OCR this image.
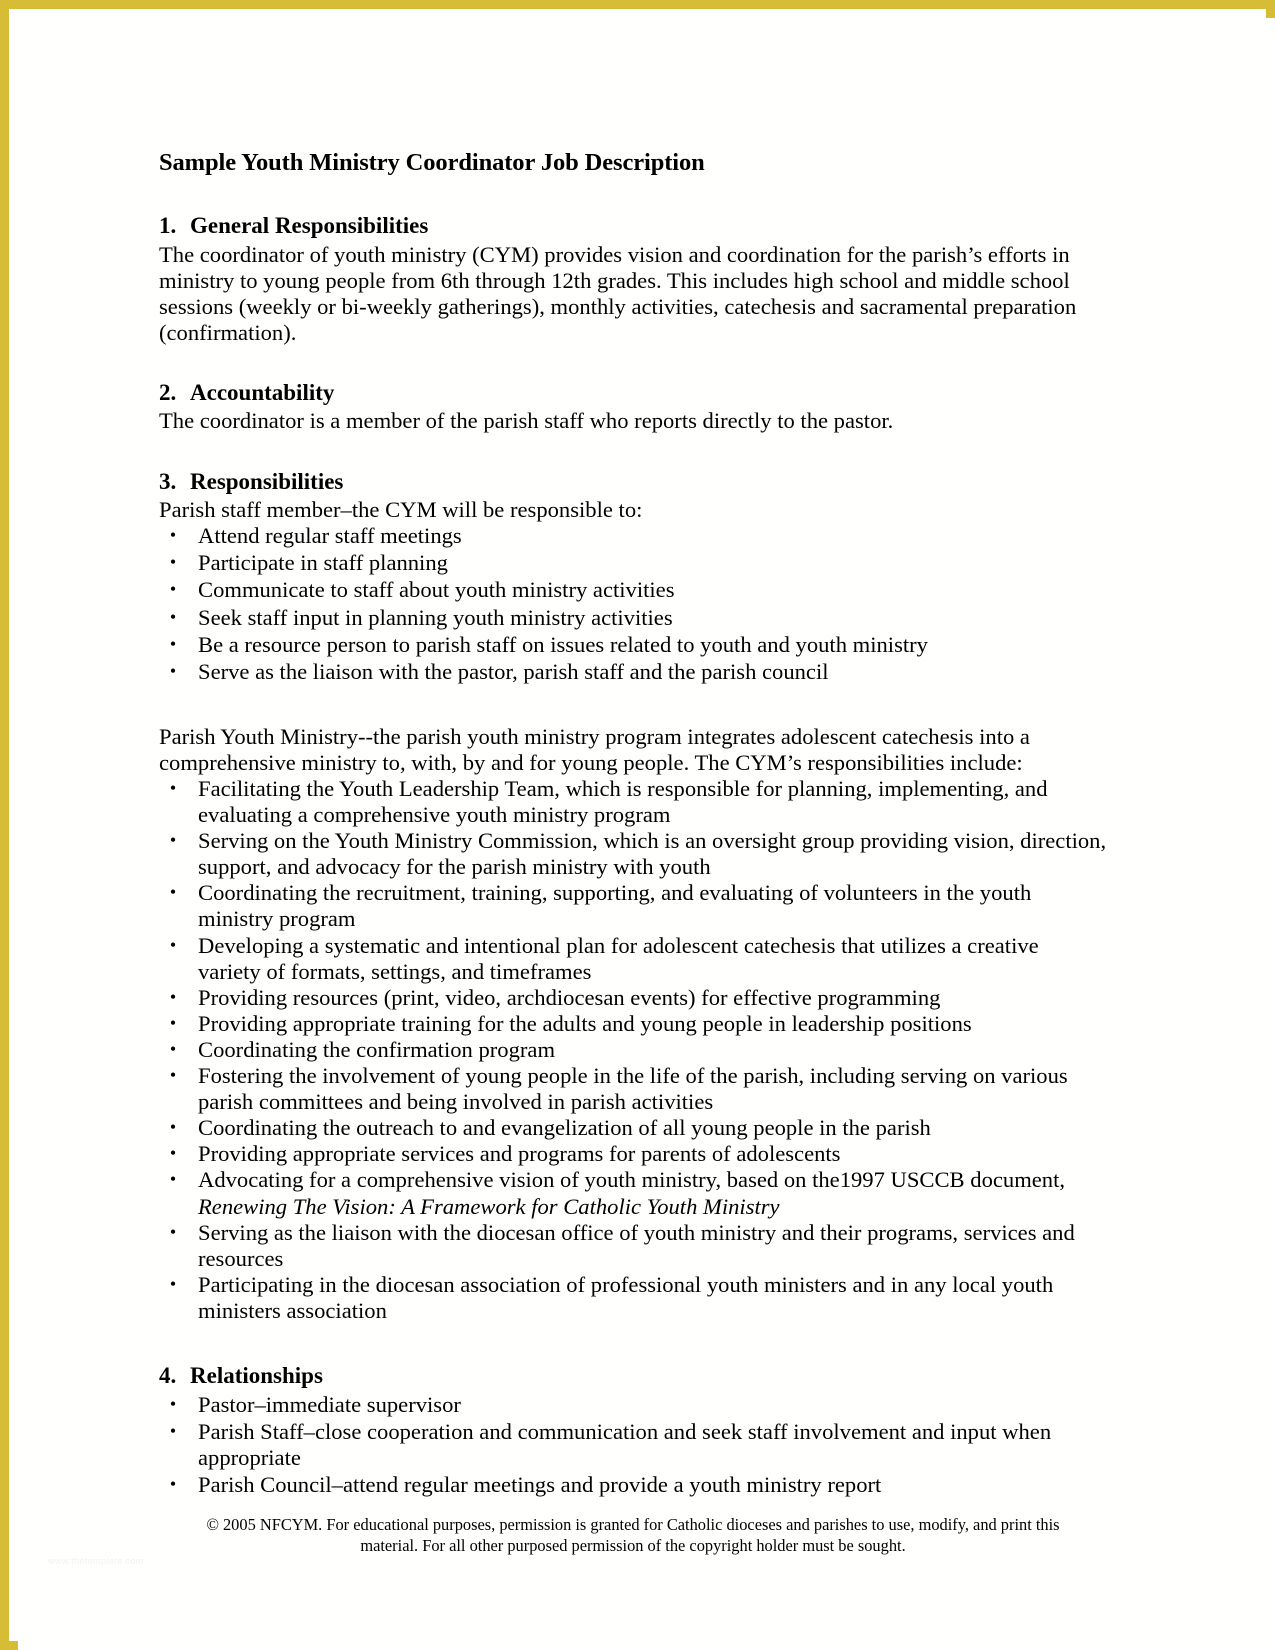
Sample Youth Ministry Coordinator Job Description
1. General Responsibilities

The coordinator of youth ministry (CYM) provides vision and coordination for the parish’s efforts in ministry to young people from 6th through 12th grades. This includes high school and middle school sessions (weekly or bi-weekly gatherings), monthly activities, catechesis and sacramental preparation (confirmation).

2. Accountability

The coordinator is a member of the parish staff who reports directly to the pastor.

3. Responsibilities

Parish staff member–the CYM will be responsible to:

• Attend regular staff meetings
• Participate in staff planning
• Communicate to staff about youth ministry activities
• Seek staff input in planning youth ministry activities
• Be a resource person to parish staff on issues related to youth and youth ministry
• Serve as the liaison with the pastor, parish staff and the parish council

Parish Youth Ministry--the parish youth ministry program integrates adolescent catechesis into a comprehensive ministry to, with, by and for young people. The CYM’s responsibilities include:

• Facilitating the Youth Leadership Team, which is responsible for planning, implementing, and evaluating a comprehensive youth ministry program
• Serving on the Youth Ministry Commission, which is an oversight group providing vision, direction, support, and advocacy for the parish ministry with youth
• Coordinating the recruitment, training, supporting, and evaluating of volunteers in the youth ministry program
• Developing a systematic and intentional plan for adolescent catechesis that utilizes a creative variety of formats, settings, and timeframes
• Providing resources (print, video, archdiocesan events) for effective programming
• Providing appropriate training for the adults and young people in leadership positions
• Coordinating the confirmation program
• Fostering the involvement of young people in the life of the parish, including serving on various parish committees and being involved in parish activities
• Coordinating the outreach to and evangelization of all young people in the parish
• Providing appropriate services and programs for parents of adolescents
• Advocating for a comprehensive vision of youth ministry, based on the1997 USCCB document, Renewing The Vision: A Framework for Catholic Youth Ministry
• Serving as the liaison with the diocesan office of youth ministry and their programs, services and resources
• Participating in the diocesan association of professional youth ministers and in any local youth ministers association
4. Relationships
• Pastor–immediate supervisor
• Parish Staff–close cooperation and communication and seek staff involvement and input when appropriate
• Parish Council–attend regular meetings and provide a youth ministry report
© 2005 NFCYM. For educational purposes, permission is granted for Catholic dioceses and parishes to use, modify, and print this
material. For all other purposed permission of the copyright holder must be sought.
www.thetemplate.com
